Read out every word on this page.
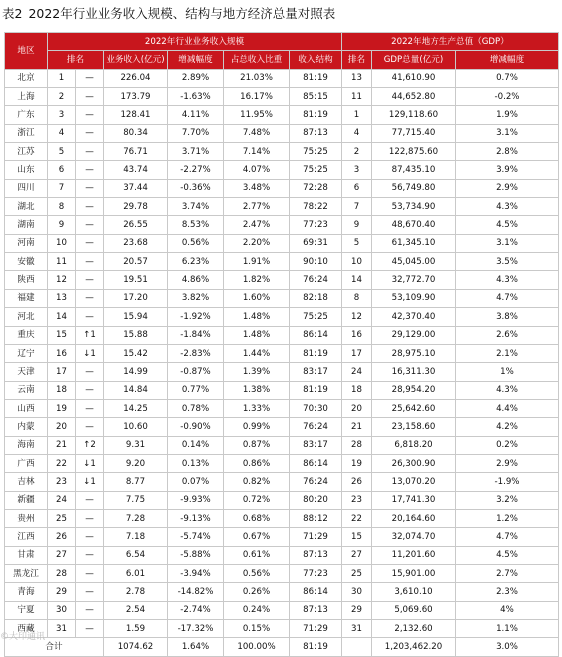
表2 2022年行业业务收入规模、结构与地方经济总量对照表
地区	2022年行业业务收入规模						2022年地方生产总值（GDP）		
	排名		业务收入(亿元)	增减幅度	占总收入比重	收入结构	排名	GDP总量(亿元)	增减幅度
北京	1	—	226.04	2.89%	21.03%	81:19	13	41,610.90	0.7%
上海	2	—	173.79	-1.63%	16.17%	85:15	11	44,652.80	-0.2%
广东	3	—	128.41	4.11%	11.95%	81:19	1	129,118.60	1.9%
浙江	4	—	80.34	7.70%	7.48%	87:13	4	77,715.40	3.1%
江苏	5	—	76.71	3.71%	7.14%	75:25	2	122,875.60	2.8%
山东	6	—	43.74	-2.27%	4.07%	75:25	3	87,435.10	3.9%
四川	7	—	37.44	-0.36%	3.48%	72:28	6	56,749.80	2.9%
湖北	8	—	29.78	3.74%	2.77%	78:22	7	53,734.90	4.3%
湖南	9	—	26.55	8.53%	2.47%	77:23	9	48,670.40	4.5%
河南	10	—	23.68	0.56%	2.20%	69:31	5	61,345.10	3.1%
安徽	11	—	20.57	6.23%	1.91%	90:10	10	45,045.00	3.5%
陕西	12	—	19.51	4.86%	1.82%	76:24	14	32,772.70	4.3%
福建	13	—	17.20	3.82%	1.60%	82:18	8	53,109.90	4.7%
河北	14	—	15.94	-1.92%	1.48%	75:25	12	42,370.40	3.8%
重庆	15	↑1	15.88	-1.84%	1.48%	86:14	16	29,129.00	2.6%
辽宁	16	↓1	15.42	-2.83%	1.44%	81:19	17	28,975.10	2.1%
天津	17	—	14.99	-0.87%	1.39%	83:17	24	16,311.30	1%
云南	18	—	14.84	0.77%	1.38%	81:19	18	28,954.20	4.3%
山西	19	—	14.25	0.78%	1.33%	70:30	20	25,642.60	4.4%
内蒙	20	—	10.60	-0.90%	0.99%	76:24	21	23,158.60	4.2%
海南	21	↑2	9.31	0.14%	0.87%	83:17	28	6,818.20	0.2%
广西	22	↓1	9.20	0.13%	0.86%	86:14	19	26,300.90	2.9%
吉林	23	↓1	8.77	0.07%	0.82%	76:24	26	13,070.20	-1.9%
新疆	24	—	7.75	-9.93%	0.72%	80:20	23	17,741.30	3.2%
贵州	25	—	7.28	-9.13%	0.68%	88:12	22	20,164.60	1.2%
江西	26	—	7.18	-5.74%	0.67%	71:29	15	32,074.70	4.7%
甘肃	27	—	6.54	-5.88%	0.61%	87:13	27	11,201.60	4.5%
黑龙江	28	—	6.01	-3.94%	0.56%	77:23	25	15,901.00	2.7%
青海	29	—	2.78	-14.82%	0.26%	86:14	30	3,610.10	2.3%
宁夏	30	—	2.54	-2.74%	0.24%	87:13	29	5,069.60	4%
西藏	31	—	1.59	-17.32%	0.15%	71:29	31	2,132.60	1.1%
合计			1074.62	1.64%	100.00%	81:19		1,203,462.20	3.0%
©大印通讯
